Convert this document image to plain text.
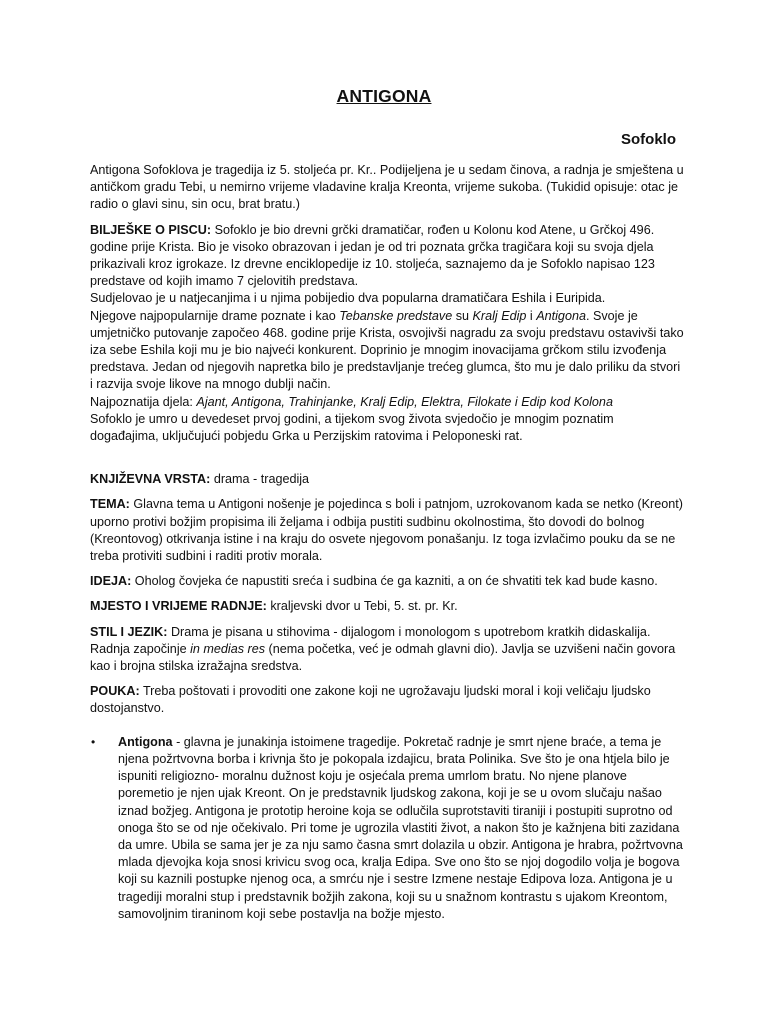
ANTIGONA
Sofoklo

Antigona Sofoklova je tragedija iz 5. stoljeća pr. Kr.. Podijeljena je u sedam činova, a radnja je smještena u antičkom gradu Tebi, u nemirno vrijeme vladavine kralja Kreonta, vrijeme sukoba. (Tukidid opisuje: otac je radio o glavi sinu, sin ocu, brat bratu.)

BILJEŠKE O PISCU: Sofoklo je bio drevni grčki dramatičar, rođen u Kolonu kod Atene, u Grčkoj 496. godine prije Krista. Bio je visoko obrazovan i jedan je od tri poznata grčka tragičara koji su svoja djela prikazivali kroz igrokaze. Iz drevne enciklopedije iz 10. stoljeća, saznajemo da je Sofoklo napisao 123 predstave od kojih imamo 7 cjelovitih predstava.

Sudjelovao je u natjecanjima i u njima pobijedio dva popularna dramatičara Eshila i Euripida.

Njegove najpopularnije drame poznate i kao Tebanske predstave su Kralj Edip i Antigona. Svoje je umjetničko putovanje započeo 468. godine prije Krista, osvojivši nagradu za svoju predstavu ostavivši tako iza sebe Eshila koji mu je bio najveći konkurent. Doprinio je mnogim inovacijama grčkom stilu izvođenja predstava. Jedan od njegovih napretka bilo je predstavljanje trećeg glumca, što mu je dalo priliku da stvori i razvija svoje likove na mnogo dublji način.

Najpoznatija djela: Ajant, Antigona, Trahinjanke, Kralj Edip, Elektra, Filokate i Edip kod Kolona

Sofoklo je umro u devedeset prvoj godini, a tijekom svog života svjedočio je mnogim poznatim događajima, uključujući pobjedu Grka u Perzijskim ratovima i Peloponeski rat.

KNJIŽEVNA VRSTA: drama - tragedija

TEMA: Glavna tema u Antigoni nošenje je pojedinca s boli i patnjom, uzrokovanom kada se netko (Kreont) uporno protivi božjim propisima ili željama i odbija pustiti sudbinu okolnostima, što dovodi do bolnog (Kreontovog) otkrivanja istine i na kraju do osvete njegovom ponašanju. Iz toga izvlačimo pouku da se ne treba protiviti sudbini i raditi protiv morala.

IDEJA: Oholog čovjeka će napustiti sreća i sudbina će ga kazniti, a on će shvatiti tek kad bude kasno.

MJESTO I VRIJEME RADNJE: kraljevski dvor u Tebi, 5. st. pr. Kr.

STIL I JEZIK: Drama je pisana u stihovima - dijalogom i monologom s upotrebom kratkih didaskalija. Radnja započinje in medias res (nema početka, već je odmah glavni dio). Javlja se uzvišeni način govora kao i brojna stilska izražajna sredstva.

POUKA: Treba poštovati i provoditi one zakone koji ne ugrožavaju ljudski moral i koji veličaju ljudsko dostojanstvo.

• Antigona - glavna je junakinja istoimene tragedije. Pokretač radnje je smrt njene braće, a tema je njena požrtvovna borba i krivnja što je pokopala izdajicu, brata Polinika. Sve što je ona htjela bilo je ispuniti religiozno- moralnu dužnost koju je osjećala prema umrlom bratu. No njene planove poremetio je njen ujak Kreont. On je predstavnik ljudskog zakona, koji je se u ovom slučaju našao iznad božjeg. Antigona je prototip heroine koja se odlučila suprotstaviti tiraniji i postupiti suprotno od onoga što se od nje očekivalo. Pri tome je ugrozila vlastiti život, a nakon što je kažnjena biti zazidana da umre. Ubila se sama jer je za nju samo časna smrt dolazila u obzir. Antigona je hrabra, požrtvovna mlada djevojka koja snosi krivicu svog oca, kralja Edipa. Sve ono što se njoj dogodilo volja je bogova koji su kaznili postupke njenog oca, a smrću nje i sestre Izmene nestaje Edipova loza. Antigona je u tragediji moralni stup i predstavnik božjih zakona, koji su u snažnom kontrastu s ujakom Kreontom, samovoljnim tiraninom koji sebe postavlja na božje mjesto.
